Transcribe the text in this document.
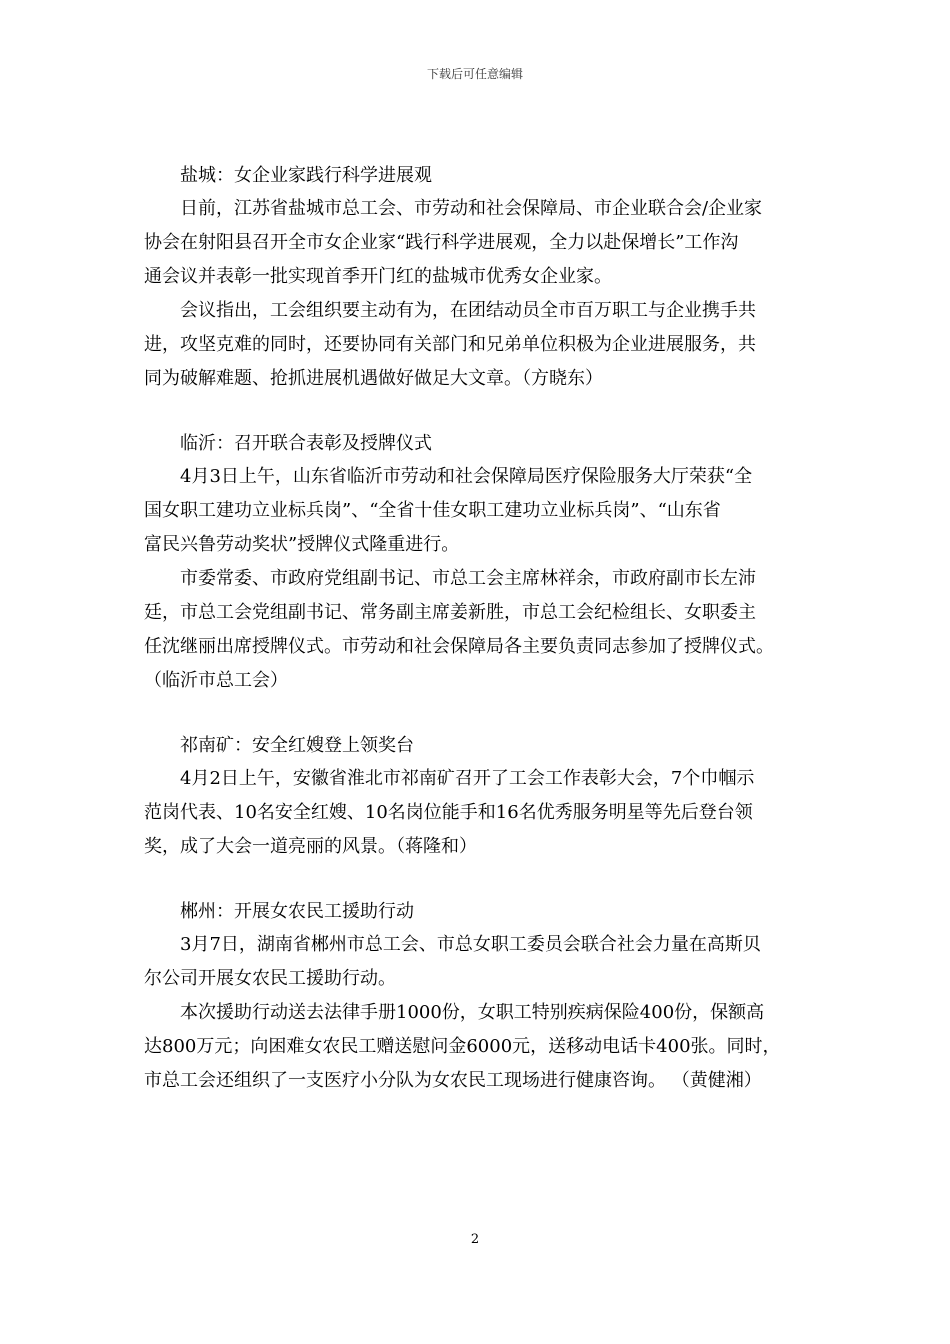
下载后可任意编辑
盐城：女企业家践行科学进展观

日前，江苏省盐城市总工会、市劳动和社会保障局、市企业联合会/企业家
协会在射阳县召开全市女企业家“践行科学进展观，全力以赴保增长”工作沟
通会议并表彰一批实现首季开门红的盐城市优秀女企业家。

会议指出，工会组织要主动有为，在团结动员全市百万职工与企业携手共
进，攻坚克难的同时，还要协同有关部门和兄弟单位积极为企业进展服务，共
同为破解难题、抢抓进展机遇做好做足大文章。（方晓东）

临沂：召开联合表彰及授牌仪式

4月3日上午，山东省临沂市劳动和社会保障局医疗保险服务大厅荣获“全
国女职工建功立业标兵岗”、“全省十佳女职工建功立业标兵岗”、“山东省
富民兴鲁劳动奖状”授牌仪式隆重进行。

市委常委、市政府党组副书记、市总工会主席林祥余，市政府副市长左沛
廷，市总工会党组副书记、常务副主席姜新胜，市总工会纪检组长、女职委主
任沈继丽出席授牌仪式。市劳动和社会保障局各主要负责同志参加了授牌仪式。
（临沂市总工会）

祁南矿：安全红嫂登上领奖台

4月2日上午，安徽省淮北市祁南矿召开了工会工作表彰大会，7个巾帼示
范岗代表、10名安全红嫂、10名岗位能手和16名优秀服务明星等先后登台领
奖，成了大会一道亮丽的风景。（蒋隆和）

郴州：开展女农民工援助行动

3月7日，湖南省郴州市总工会、市总女职工委员会联合社会力量在高斯贝
尔公司开展女农民工援助行动。

本次援助行动送去法律手册1000份，女职工特别疾病保险400份，保额高
达800万元；向困难女农民工赠送慰问金6000元，送移动电话卡400张。同时，
市总工会还组织了一支医疗小分队为女农民工现场进行健康咨询。 （黄健湘）

2
